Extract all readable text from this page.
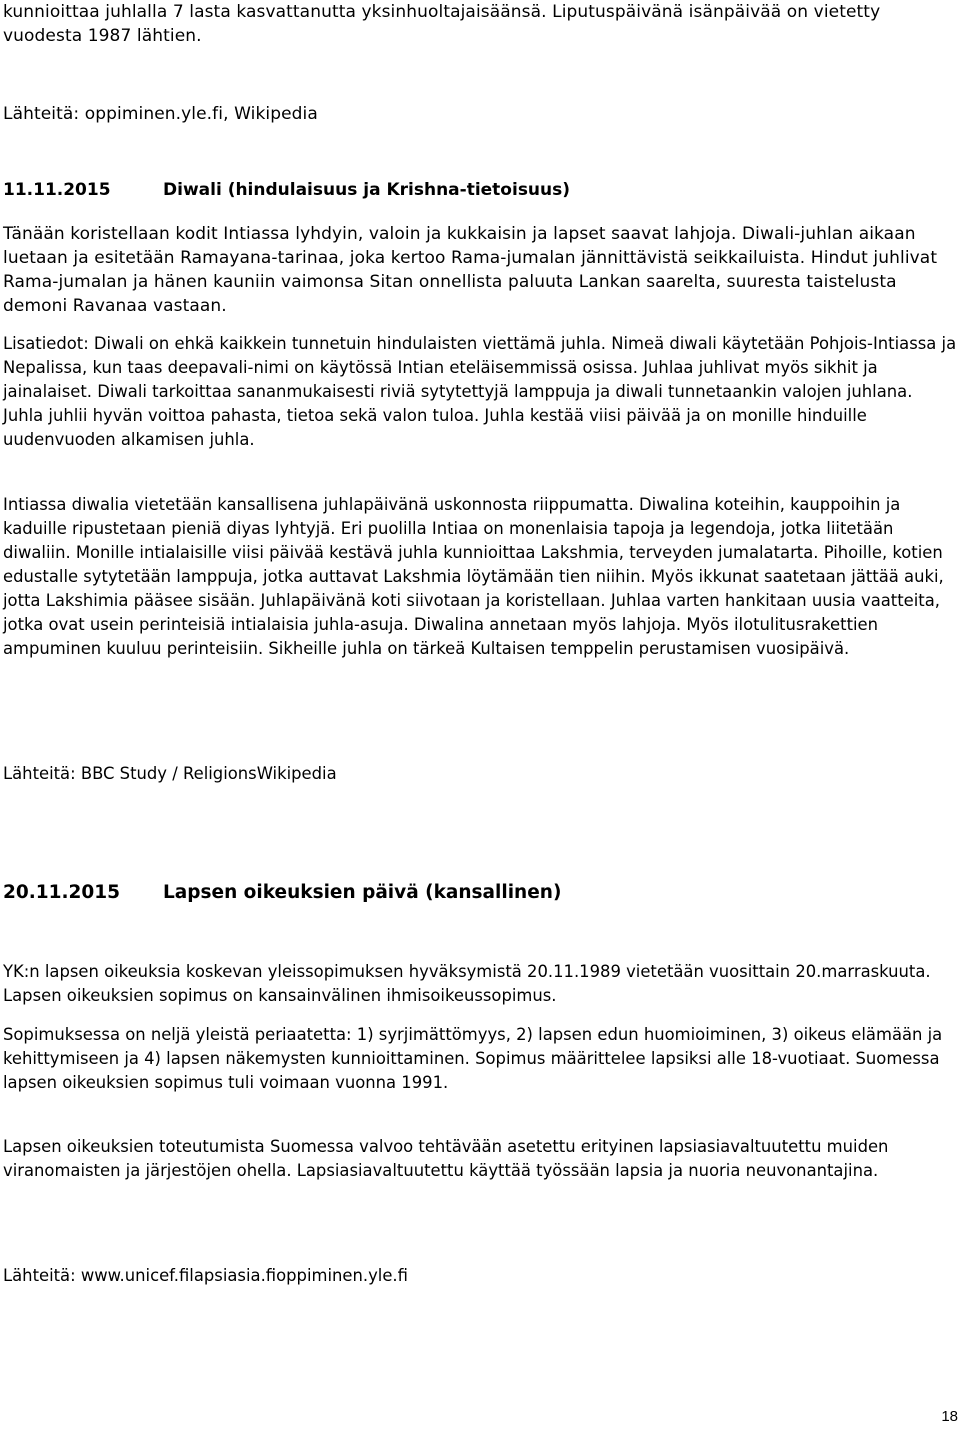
kunnioittaa juhlalla 7 lasta kasvattanutta yksinhuoltajaisäänsä. Liputuspäivänä isänpäivää on vietetty vuodesta 1987 lähtien.

Lähteitä: oppiminen.yle.fi, Wikipedia

11.11.2015	Diwali (hindulaisuus ja Krishna-tietoisuus)

Tänään koristellaan kodit Intiassa lyhdyin, valoin ja kukkaisin ja lapset saavat lahjoja. Diwali-juhlan aikaan luetaan ja esitetään Ramayana-tarinaa, joka kertoo Rama-jumalan jännittävistä seikkailuista. Hindut juhlivat Rama-jumalan ja hänen kauniin vaimonsa Sitan onnellista paluuta Lankan saarelta, suuresta taistelusta demoni Ravanaa vastaan.

Lisatiedot: Diwali on ehkä kaikkein tunnetuin hindulaisten viettämä juhla. Nimeä diwali käytetään Pohjois-Intiassa ja Nepalissa, kun taas deepavali-nimi on käytössä Intian eteläisemmissä osissa. Juhlaa juhlivat myös sikhit ja jainalaiset. Diwali tarkoittaa sananmukaisesti riviä sytytettyjä lamppuja ja diwali tunnetaankin valojen juhlana. Juhla juhlii hyvän voittoa pahasta, tietoa sekä valon tuloa. Juhla kestää viisi päivää ja on monille hinduille uudenvuoden alkamisen juhla.

Intiassa diwalia vietetään kansallisena juhlapäivänä uskonnosta riippumatta. Diwalina koteihin, kauppoihin ja kaduille ripustetaan pieniä diyas lyhtyjä. Eri puolilla Intiaa on monenlaisia tapoja ja legendoja, jotka liitetään diwaliin. Monille intialaisille viisi päivää kestävä juhla kunnioittaa Lakshmia, terveyden jumalatarta. Pihoille, kotien edustalle sytytetään lamppuja, jotka auttavat Lakshmia löytämään tien niihin. Myös ikkunat saatetaan jättää auki, jotta Lakshimia pääsee sisään. Juhlapäivänä koti siivotaan ja koristellaan. Juhlaa varten hankitaan uusia vaatteita, jotka ovat usein perinteisiä intialaisia juhla-asuja. Diwalina annetaan myös lahjoja. Myös ilotulitusrakettien ampuminen kuuluu perinteisiin. Sikheille juhla on tärkeä Kultaisen temppelin perustamisen vuosipäivä.

Lähteitä: BBC Study / ReligionsWikipedia

20.11.2015 Lapsen oikeuksien päivä (kansallinen)

YK:n lapsen oikeuksia koskevan yleissopimuksen hyväksymistä 20.11.1989 vietetään vuosittain 20.marraskuuta. Lapsen oikeuksien sopimus on kansainvälinen ihmisoikeussopimus.

Sopimuksessa on neljä yleistä periaatetta: 1) syrjimättömyys, 2) lapsen edun huomioiminen, 3) oikeus elämään ja kehittymiseen ja 4) lapsen näkemysten kunnioittaminen. Sopimus määrittelee lapsiksi alle 18-vuotiaat. Suomessa lapsen oikeuksien sopimus tuli voimaan vuonna 1991.

Lapsen oikeuksien toteutumista Suomessa valvoo tehtävään asetettu erityinen lapsiasiavaltuutettu muiden viranomaisten ja järjestöjen ohella. Lapsiasiavaltuutettu käyttää työssään lapsia ja nuoria neuvonantajina.

Lähteitä: www.unicef.filapsiasia.fioppiminen.yle.fi

18
